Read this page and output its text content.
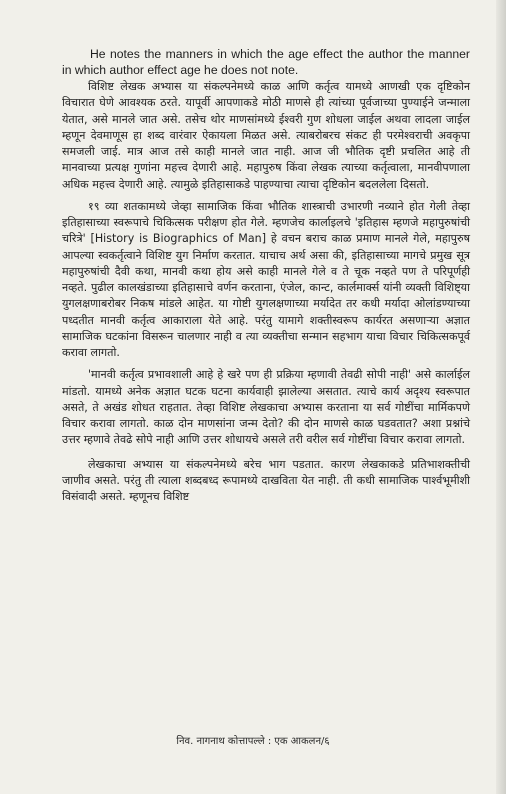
He notes the manners in which the age effect the author the manner in which author effect age he does not note.

विशिष्ट लेखक अभ्यास या संकल्पनेमध्ये काळ आणि कर्तृत्व यामध्ये आणखी एक दृष्टिकोन विचारात घेणे आवश्यक ठरते. यापूर्वी आपणाकडे मोठी माणसे ही त्यांच्या पूर्वजाच्या पुण्याईने जन्माला येतात, असे मानले जात असे. तसेच थोर माणसांमध्ये ईश्वरी गुण शोधला जाईल अथवा लादला जाईल म्हणून देवमाणूस हा शब्द वारंवार ऐकायला मिळत असे. त्याबरोबरच संकट ही परमेश्वराची अवकृपा समजली जाई. मात्र आज तसे काही मानले जात नाही. आज जी भौतिक दृष्टी प्रचलित आहे ती मानवाच्या प्रत्यक्ष गुणांना महत्त्व देणारी आहे. महापुरुष किंवा लेखक त्याच्या कर्तृत्वाला, मानवीपणाला अधिक महत्त्व देणारी आहे. त्यामुळे इतिहासाकडे पाहण्याचा त्याचा दृष्टिकोन बदललेला दिसतो.

१९ व्या शतकामध्ये जेव्हा सामाजिक किंवा भौतिक शास्त्राची उभारणी नव्याने होत गेली तेव्हा इतिहासाच्या स्वरूपाचे चिकित्सक परीक्षण होत गेले. म्हणजेच कार्लाइलचे 'इतिहास म्हणजे महापुरुषांची चरित्रे' [History is Biographics of Man] हे वचन बराच काळ प्रमाण मानले गेले, महापुरुष आपल्या स्वकर्तृत्वाने विशिष्ट युग निर्माण करतात. याचाच अर्थ असा की, इतिहासाच्या मागचे प्रमुख सूत्र महापुरुषांची दैवी कथा, मानवी कथा होय असे काही मानले गेले व ते चूक नव्हते पण ते परिपूर्णही नव्हते. पुढील कालखंडाच्या इतिहासाचे वर्णन करताना, एंजेल, कान्ट, कार्लमार्क्स यांनी व्यक्ती विशिष्ट्या युगलक्षणाबरोबर निकष मांडले आहेत. या गोष्टी युगलक्षणाच्या मर्यादेत तर कधी मर्यादा ओलांडण्याच्या पध्दतीत मानवी कर्तृत्व आकाराला येते आहे. परंतु यामागे शक्तीस्वरूप कार्यरत असणाऱ्या अज्ञात सामाजिक घटकांना विसरून चालणार नाही व त्या व्यक्तीचा सन्मान सहभाग याचा विचार चिकित्सकपूर्व करावा लागतो.

'मानवी कर्तृत्व प्रभावशाली आहे हे खरे पण ही प्रक्रिया म्हणावी तेवढी सोपी नाही' असे कार्लाईल मांडतो. यामध्ये अनेक अज्ञात घटक घटना कार्यवाही झालेल्या असतात. त्याचे कार्य अदृश्य स्वरूपात असते, ते अखंड शोधत राहतात. तेव्हा विशिष्ट लेखकाचा अभ्यास करताना या सर्व गोष्टींचा मार्मिकपणे विचार करावा लागतो. काळ दोन माणसांना जन्म देतो? की दोन माणसे काळ घडवतात? अशा प्रश्नांचे उत्तर म्हणावे तेवढे सोपे नाही आणि उत्तर शोधायचे असले तरी वरील सर्व गोष्टींचा विचार करावा लागतो.

लेखकाचा अभ्यास या संकल्पनेमध्ये बरेच भाग पडतात. कारण लेखकाकडे प्रतिभाशक्तीची जाणीव असते. परंतु ती त्याला शब्दबध्द रूपामध्ये दाखविता येत नाही. ती कधी सामाजिक पार्श्वभूमीशी विसंवादी असते. म्हणूनच विशिष्ट

निव. नागनाथ कोत्तापल्ले : एक आकलन/६
